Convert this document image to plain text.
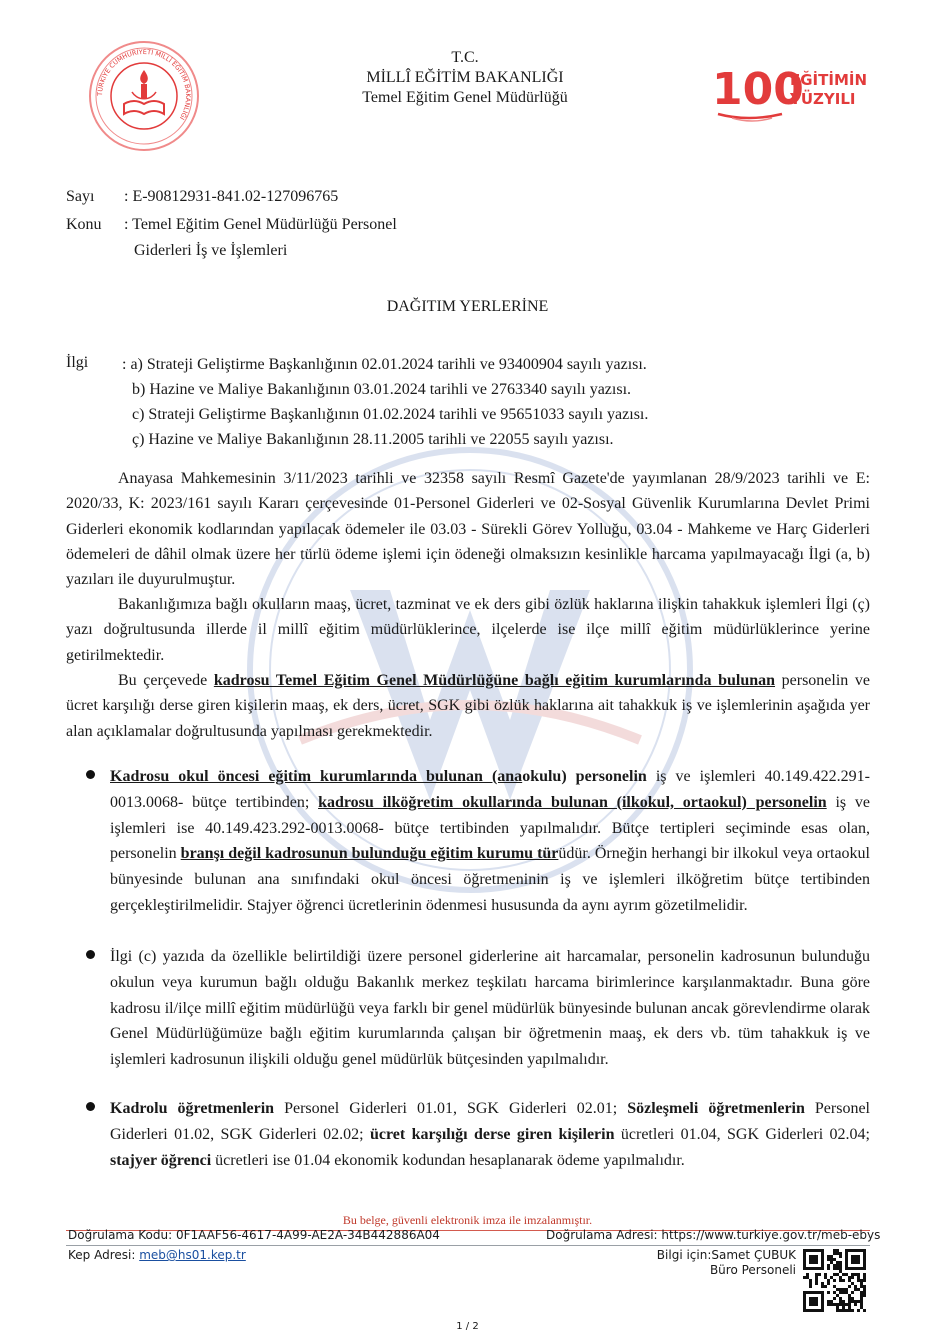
TÜRKİYE CUMHURİYETİ MİLLÎ EĞİTİM BAKANLIĞI
T.C.
MİLLÎ EĞİTİM BAKANLIĞI
Temel Eğitim Genel Müdürlüğü	100
EĞİTİMİN
YÜZYILI
Sayı : E-90812931-841.02-127096765
Konu : Temel Eğitim Genel Müdürlüğü Personel
Giderleri İş ve İşlemleri
DAĞITIM YERLERİNE
İlgi : a) Strateji Geliştirme Başkanlığının 02.01.2024 tarihli ve 93400904 sayılı yazısı.
b) Hazine ve Maliye Bakanlığının 03.01.2024 tarihli ve 2763340 sayılı yazısı.
c) Strateji Geliştirme Başkanlığının 01.02.2024 tarihli ve 95651033 sayılı yazısı.
ç) Hazine ve Maliye Bakanlığının 28.11.2005 tarihli ve 22055 sayılı yazısı.
Anayasa Mahkemesinin 3/11/2023 tarihli ve 32358 sayılı Resmî Gazete'de yayımlanan 28/9/2023 tarihli ve E: 2020/33, K: 2023/161 sayılı Kararı çerçevesinde 01-Personel Giderleri ve 02-Sosyal Güvenlik Kurumlarına Devlet Primi Giderleri ekonomik kodlarından yapılacak ödemeler ile 03.03 - Sürekli Görev Yolluğu, 03.04 - Mahkeme ve Harç Giderleri ödemeleri de dâhil olmak üzere her türlü ödeme işlemi için ödeneği olmaksızın kesinlikle harcama yapılmayacağı İlgi (a, b) yazıları ile duyurulmuştur.
Bakanlığımıza bağlı okulların maaş, ücret, tazminat ve ek ders gibi özlük haklarına ilişkin tahakkuk işlemleri İlgi (ç) yazı doğrultusunda illerde il millî eğitim müdürlüklerince, ilçelerde ise ilçe millî eğitim müdürlüklerince yerine getirilmektedir.
Bu çerçevede kadrosu Temel Eğitim Genel Müdürlüğüne bağlı eğitim kurumlarında bulunan personelin ve ücret karşılığı derse giren kişilerin maaş, ek ders, ücret, SGK gibi özlük haklarına ait tahakkuk iş ve işlemlerinin aşağıda yer alan açıklamalar doğrultusunda yapılması gerekmektedir.
Kadrosu okul öncesi eğitim kurumlarında bulunan (anaokulu) personelin iş ve işlemleri 40.149.422.291-0013.0068- bütçe tertibinden; kadrosu ilköğretim okullarında bulunan (ilkokul, ortaokul) personelin iş ve işlemleri ise 40.149.423.292-0013.0068- bütçe tertibinden yapılmalıdır. Bütçe tertipleri seçiminde esas olan, personelin branşı değil kadrosunun bulunduğu eğitim kurumu türüdür. Örneğin herhangi bir ilkokul veya ortaokul bünyesinde bulunan ana sınıfındaki okul öncesi öğretmeninin iş ve işlemleri ilköğretim bütçe tertibinden gerçekleştirilmelidir. Stajyer öğrenci ücretlerinin ödenmesi hususunda da aynı ayrım gözetilmelidir.
İlgi (c) yazıda da özellikle belirtildiği üzere personel giderlerine ait harcamalar, personelin kadrosunun bulunduğu okulun veya kurumun bağlı olduğu Bakanlık merkez teşkilatı harcama birimlerince karşılanmaktadır. Buna göre kadrosu il/ilçe millî eğitim müdürlüğü veya farklı bir genel müdürlük bünyesinde bulunan ancak görevlendirme olarak Genel Müdürlüğümüze bağlı eğitim kurumlarında çalışan bir öğretmenin maaş, ek ders vb. tüm tahakkuk iş ve işlemleri kadrosunun ilişkili olduğu genel müdürlük bütçesinden yapılmalıdır.
Kadrolu öğretmenlerin Personel Giderleri 01.01, SGK Giderleri 02.01; Sözleşmeli öğretmenlerin Personel Giderleri 01.02, SGK Giderleri 02.02; ücret karşılığı derse giren kişilerin ücretleri 01.04, SGK Giderleri 02.04; stajyer öğrenci ücretleri ise 01.04 ekonomik kodundan hesaplanarak ödeme yapılmalıdır.
Bu belge, güvenli elektronik imza ile imzalanmıştır.
Doğrulama Kodu: 0F1AAF56-4617-4A99-AE2A-34B442886A04	Doğrulama Adresi: https://www.turkiye.gov.tr/meb-ebys
Kep Adresi: meb@hs01.kep.tr	Bilgi için:Samet ÇUBUK
Büro Personeli
1 / 2
